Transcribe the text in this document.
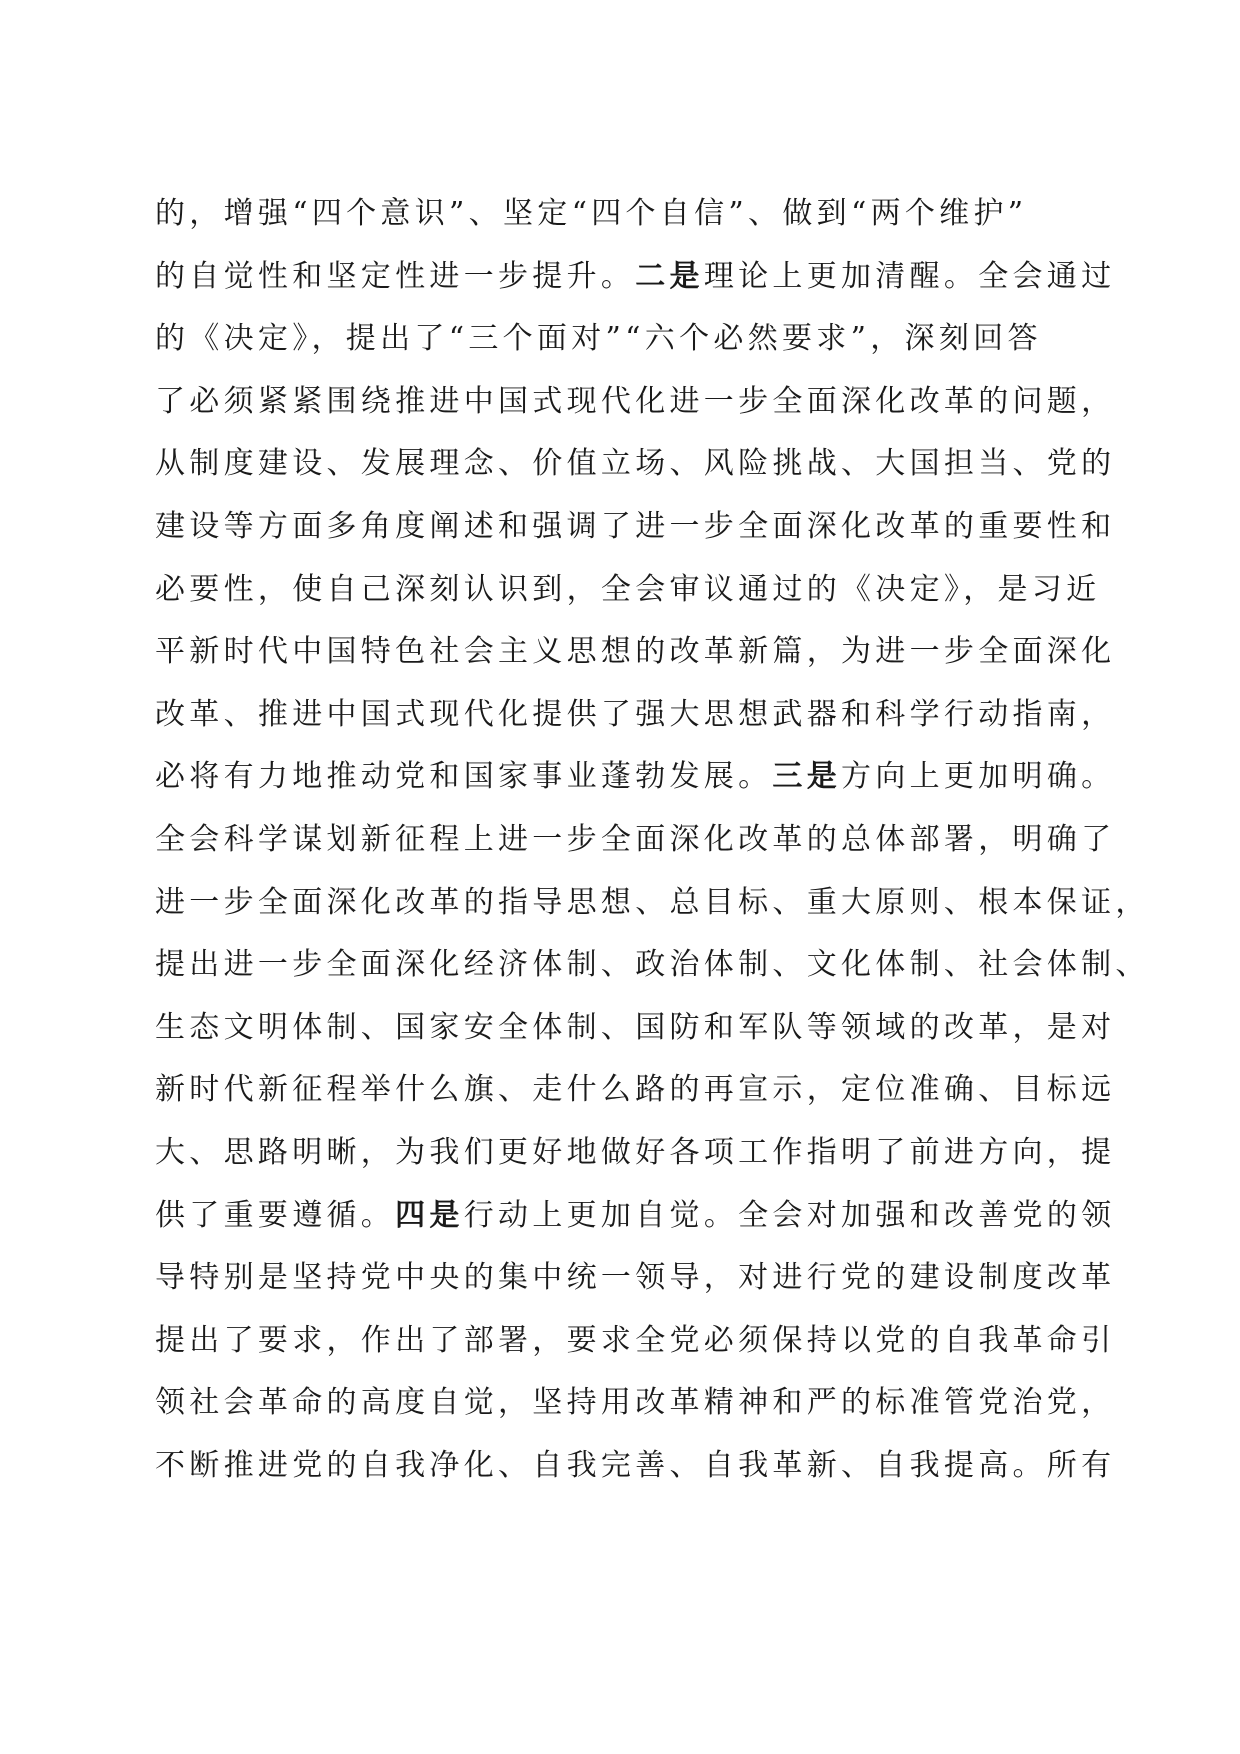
的，增强“四个意识”、坚定“四个自信”、做到“两个维护”
的自觉性和坚定性进一步提升。二是理论上更加清醒。全会通过
的《决定》，提出了“三个面对”“六个必然要求”，深刻回答
了必须紧紧围绕推进中国式现代化进一步全面深化改革的问题，
从制度建设、发展理念、价值立场、风险挑战、大国担当、党的
建设等方面多角度阐述和强调了进一步全面深化改革的重要性和
必要性，使自己深刻认识到，全会审议通过的《决定》，是习近
平新时代中国特色社会主义思想的改革新篇，为进一步全面深化
改革、推进中国式现代化提供了强大思想武器和科学行动指南，
必将有力地推动党和国家事业蓬勃发展。三是方向上更加明确。
全会科学谋划新征程上进一步全面深化改革的总体部署，明确了
进一步全面深化改革的指导思想、总目标、重大原则、根本保证，
提出进一步全面深化经济体制、政治体制、文化体制、社会体制、
生态文明体制、国家安全体制、国防和军队等领域的改革，是对
新时代新征程举什么旗、走什么路的再宣示，定位准确、目标远
大、思路明晰，为我们更好地做好各项工作指明了前进方向，提
供了重要遵循。四是行动上更加自觉。全会对加强和改善党的领
导特别是坚持党中央的集中统一领导，对进行党的建设制度改革
提出了要求，作出了部署，要求全党必须保持以党的自我革命引
领社会革命的高度自觉，坚持用改革精神和严的标准管党治党，
不断推进党的自我净化、自我完善、自我革新、自我提高。所有
